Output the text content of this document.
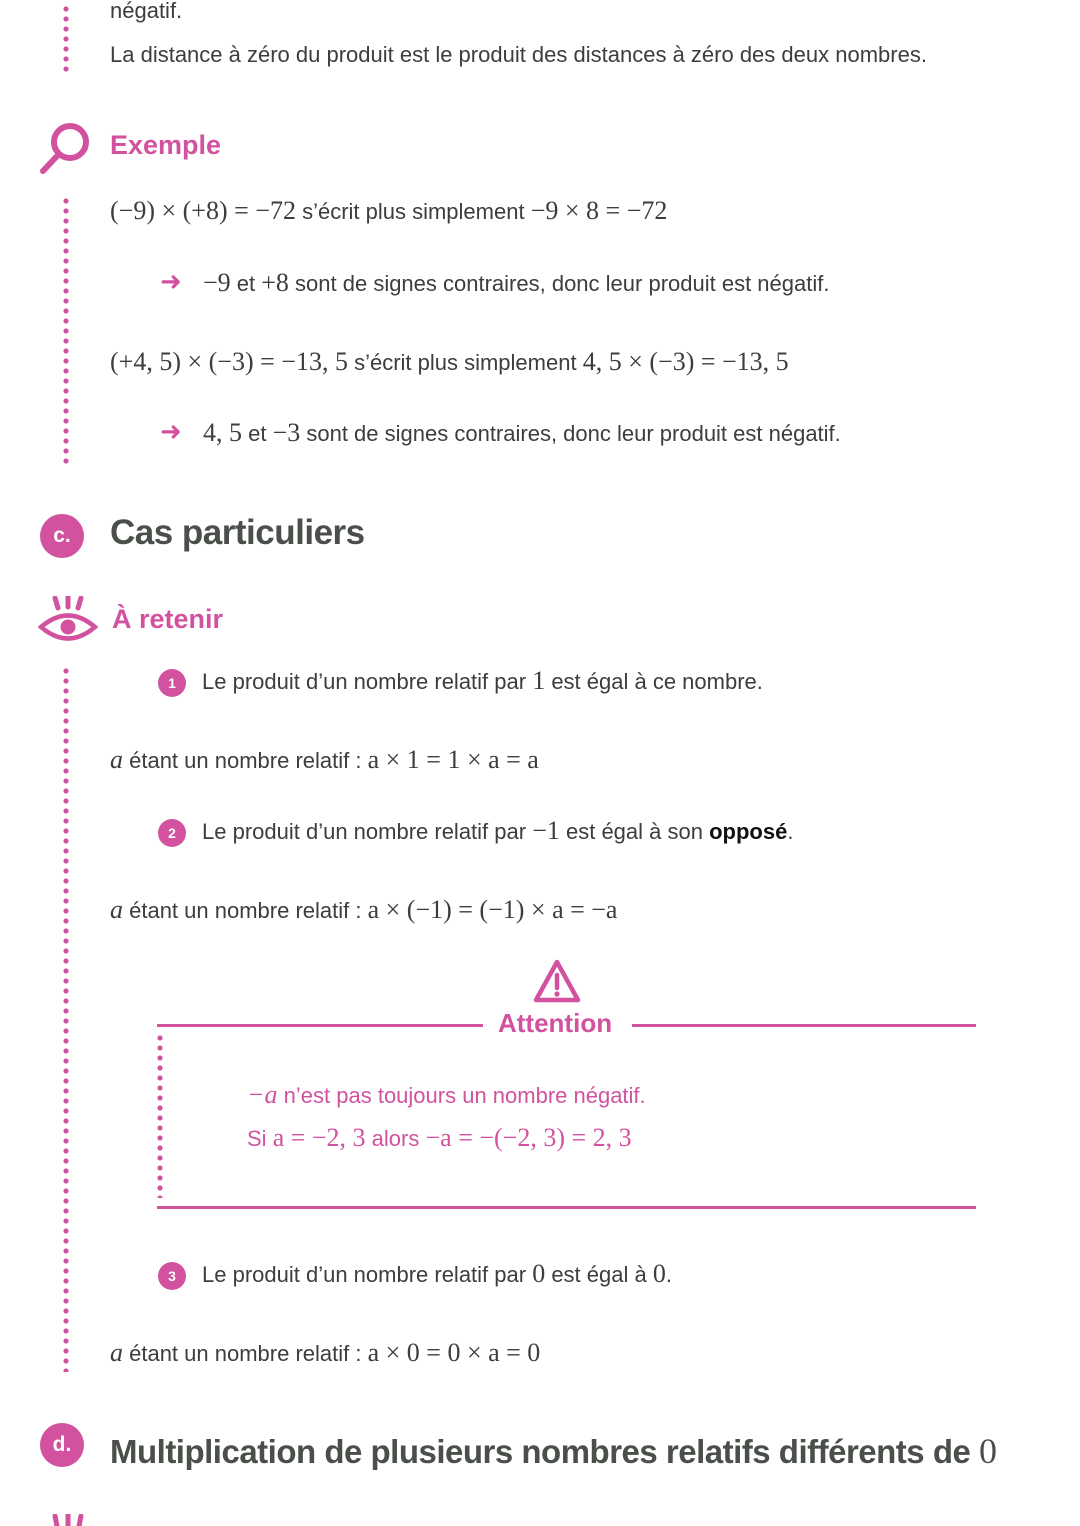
négatif.
La distance à zéro du produit est le produit des distances à zéro des deux nombres.
Exemple
(−9) × (+8) = −72 s’écrit plus simplement −9 × 8 = −72
➜ −9 et +8 sont de signes contraires, donc leur produit est négatif.
(+4, 5) × (−3) = −13, 5 s’écrit plus simplement 4, 5 × (−3) = −13, 5
➜ 4, 5 et −3 sont de signes contraires, donc leur produit est négatif.
c.	Cas particuliers
À retenir
1	Le produit d’un nombre relatif par 1 est égal à ce nombre.
a étant un nombre relatif : a × 1 = 1 × a = a
2	Le produit d’un nombre relatif par −1 est égal à son opposé.
a étant un nombre relatif : a × (−1) = (−1) × a = −a
Attention
−a n’est pas toujours un nombre négatif.
Si a = −2, 3 alors −a = −(−2, 3) = 2, 3
3	Le produit d’un nombre relatif par 0 est égal à 0.
a étant un nombre relatif : a × 0 = 0 × a = 0
d.	Multiplication de plusieurs nombres relatifs différents de 0
